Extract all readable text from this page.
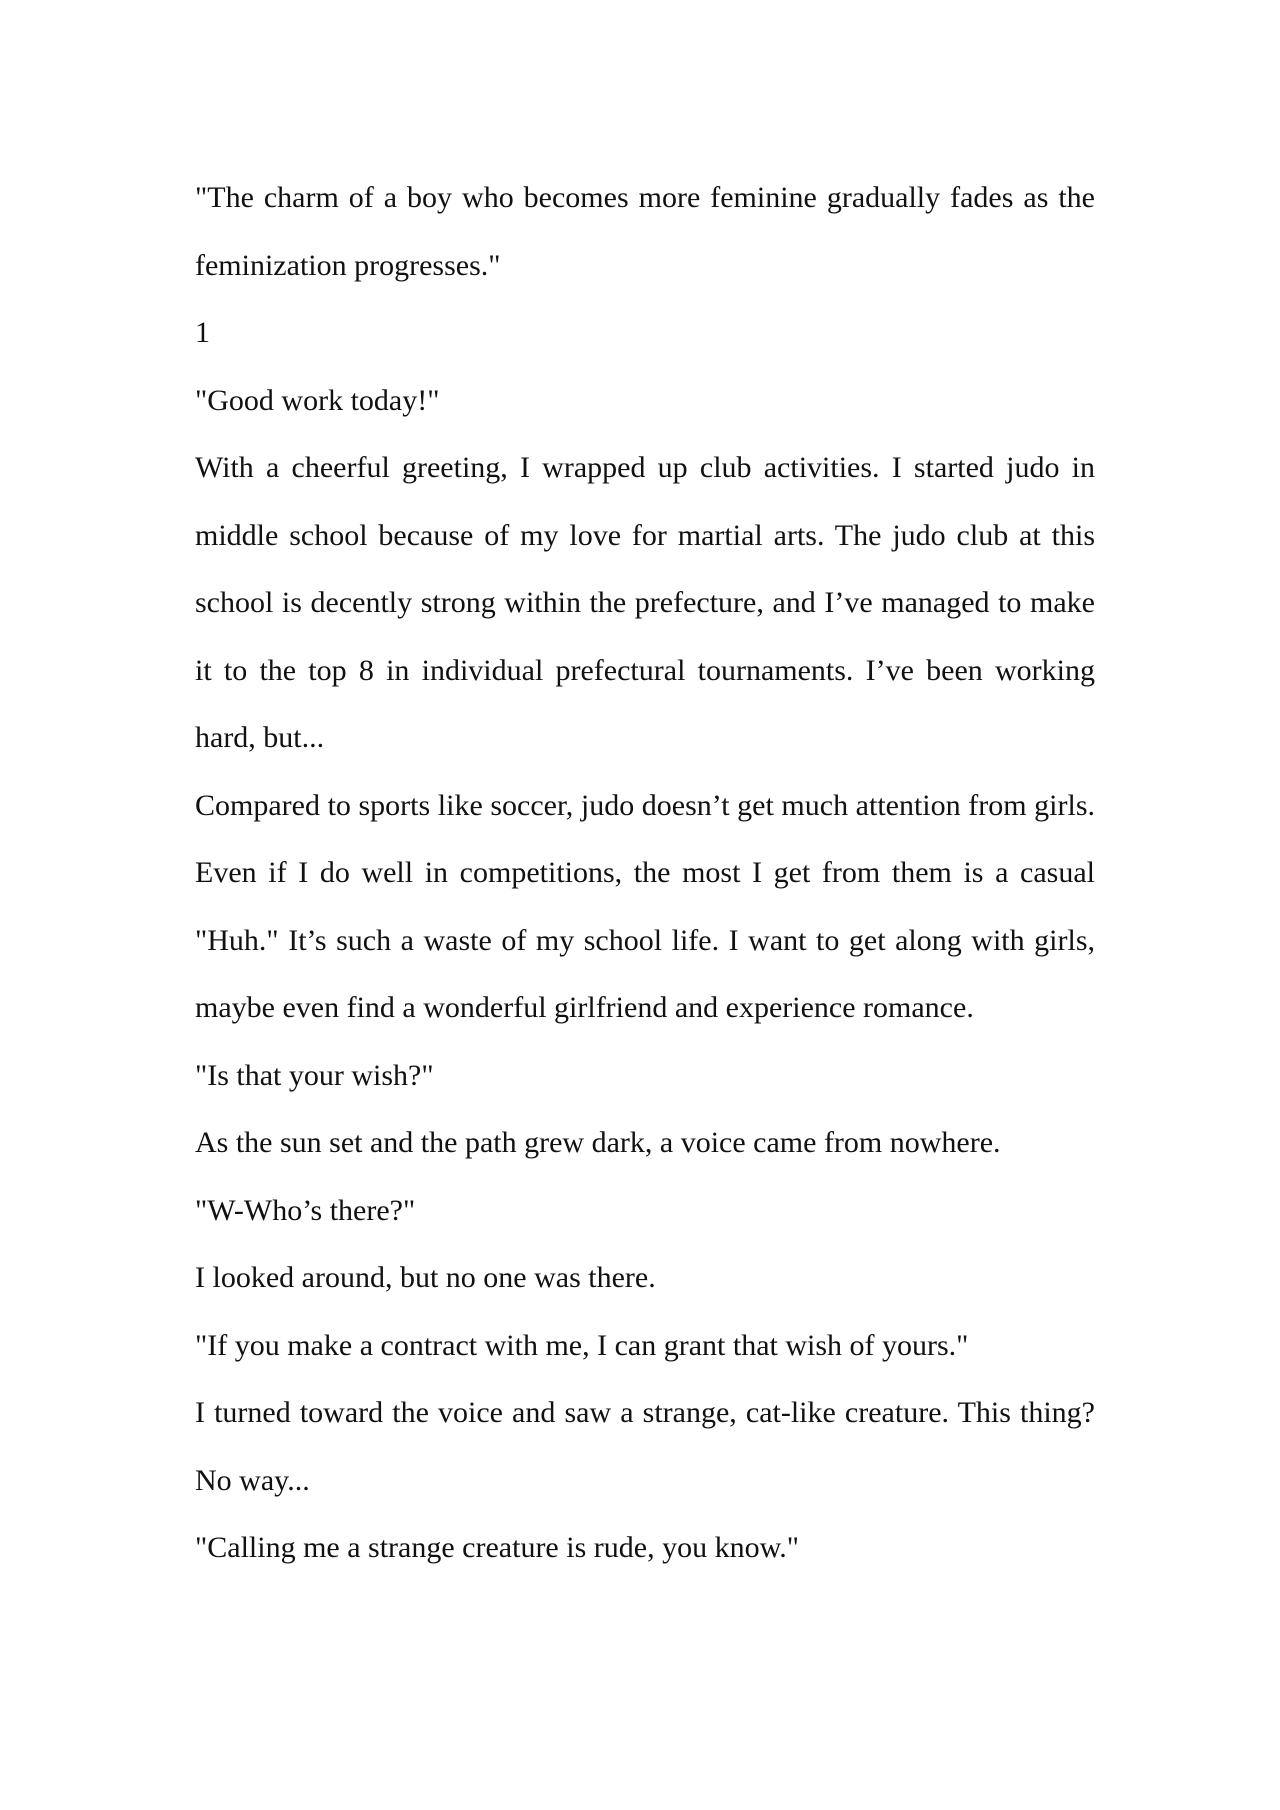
"The charm of a boy who becomes more feminine gradually fades as the feminization progresses."

1

"Good work today!"

With a cheerful greeting, I wrapped up club activities. I started judo in middle school because of my love for martial arts. The judo club at this school is decently strong within the prefecture, and I’ve managed to make it to the top 8 in individual prefectural tournaments. I’ve been working hard, but...

Compared to sports like soccer, judo doesn’t get much attention from girls. Even if I do well in competitions, the most I get from them is a casual "Huh." It’s such a waste of my school life. I want to get along with girls, maybe even find a wonderful girlfriend and experience romance.

"Is that your wish?"

As the sun set and the path grew dark, a voice came from nowhere.

"W-Who’s there?"

I looked around, but no one was there.

"If you make a contract with me, I can grant that wish of yours."

I turned toward the voice and saw a strange, cat-like creature. This thing? No way...

"Calling me a strange creature is rude, you know."
